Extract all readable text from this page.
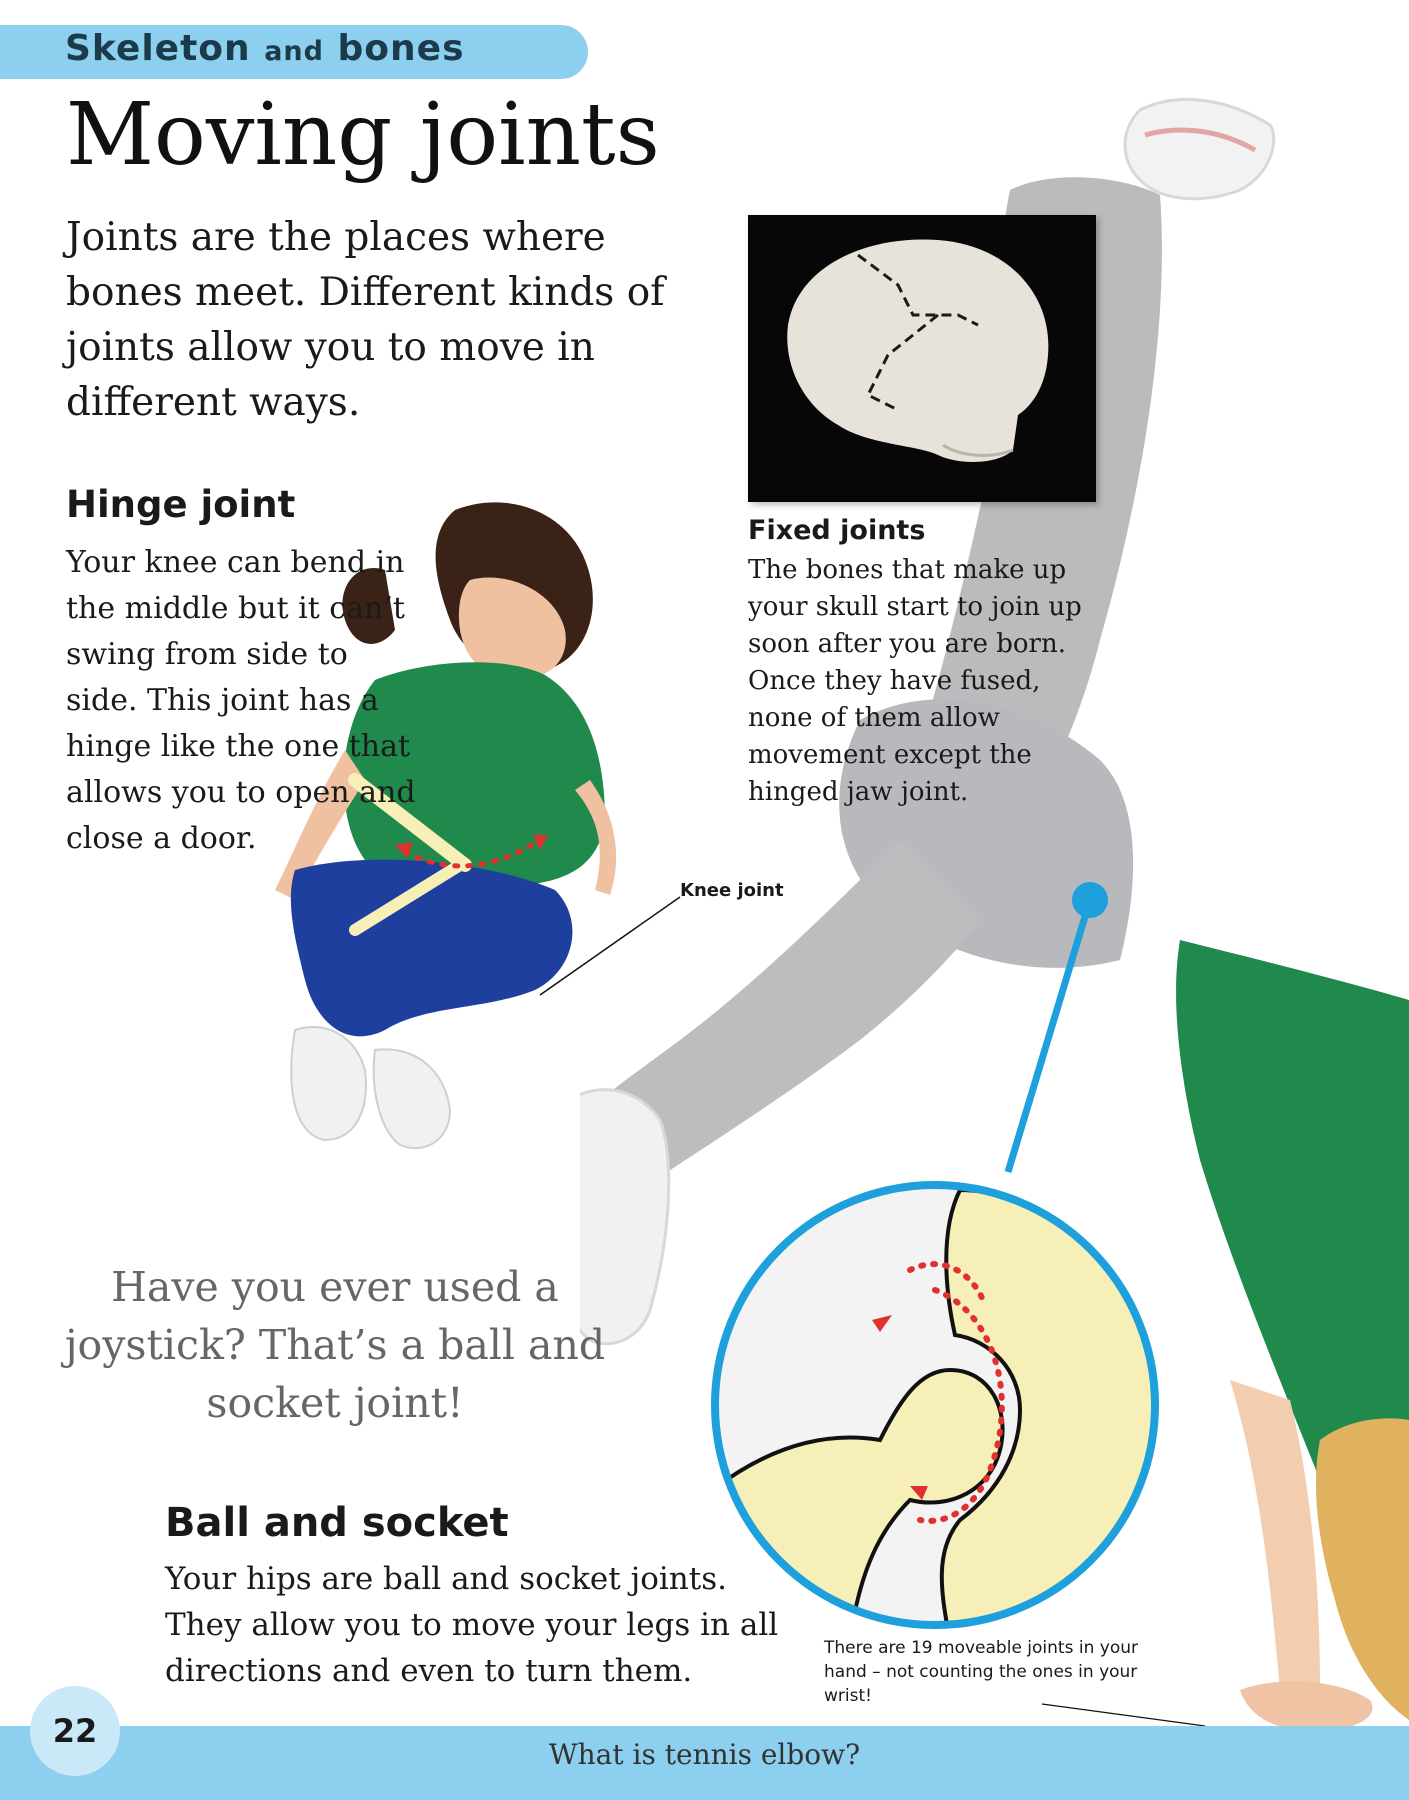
Skeleton and bones
Moving joints

Joints are the places where bones meet. Different kinds of joints allow you to move in different ways.

Knee joint
Hinge joint

Your knee can bend in the middle but it can’t swing from side to side. This joint has a hinge like the one that allows you to open and close a door.

Fixed joints

The bones that make up your skull start to join up soon after you are born. Once they have fused, none of them allow movement except the hinged jaw joint.

Have you ever used a joystick? That’s a ball and socket joint!

Ball and socket

Your hips are ball and socket joints. They allow you to move your legs in all directions and even to turn them.

There are 19 moveable joints in your hand – not counting the ones in your wrist!

What is tennis elbow?
22
